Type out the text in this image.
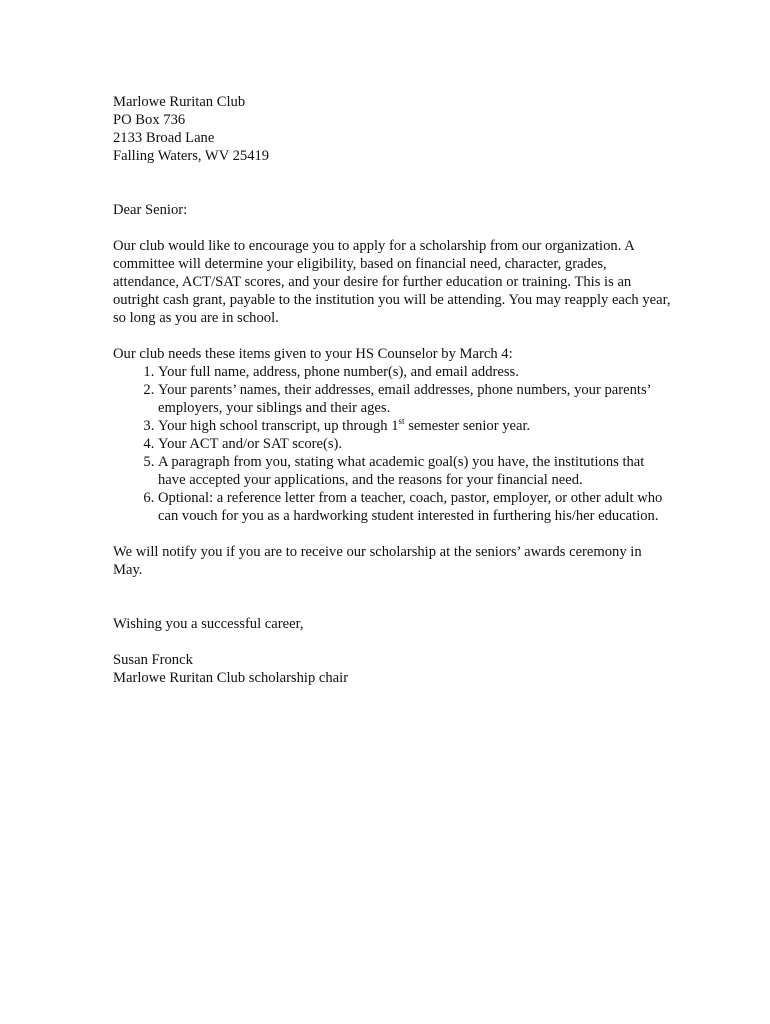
Marlowe Ruritan Club
PO Box 736
2133 Broad Lane
Falling Waters, WV 25419

Dear Senior:

Our club would like to encourage you to apply for a scholarship from our organization. A committee will determine your eligibility, based on financial need, character, grades, attendance, ACT/SAT scores, and your desire for further education or training. This is an outright cash grant, payable to the institution you will be attending. You may reapply each year, so long as you are in school.

Our club needs these items given to your HS Counselor by March 4:

1. Your full name, address, phone number(s), and email address.
2. Your parents’ names, their addresses, email addresses, phone numbers, your parents’ employers, your siblings and their ages.
3. Your high school transcript, up through 1st semester senior year.
4. Your ACT and/or SAT score(s).
5. A paragraph from you, stating what academic goal(s) you have, the institutions that have accepted your applications, and the reasons for your financial need.
6. Optional: a reference letter from a teacher, coach, pastor, employer, or other adult who can vouch for you as a hardworking student interested in furthering his/her education.

We will notify you if you are to receive our scholarship at the seniors’ awards ceremony in May.

Wishing you a successful career,

Susan Fronck

Marlowe Ruritan Club scholarship chair
